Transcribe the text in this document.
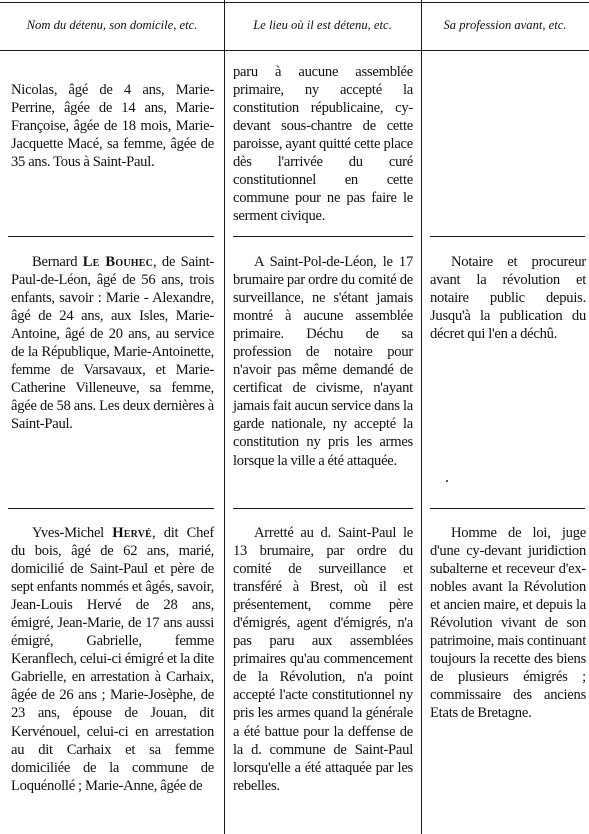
Nom du détenu, son domicile, etc.	Le lieu où il est détenu, etc.	Sa profession avant, etc.
Nicolas, âgé de 4 ans, Marie-Perrine, âgée de 14 ans, Marie-Françoise, âgée de 18 mois, Marie-Jacquette Macé, sa femme, âgée de 35 ans. Tous à Saint-Paul.
paru à aucune assemblée primaire, ny accepté la constitution républicaine, cy-devant sous-chantre de cette paroisse, ayant quitté cette place dès l'arrivée du curé constitutionnel en cette commune pour ne pas faire le serment civique.
Bernard Le Bouhec, de Saint-Paul-de-Léon, âgé de 56 ans, trois enfants, savoir : Marie - Alexandre, âgé de 24 ans, aux Isles, Marie-Antoine, âgé de 20 ans, au service de la République, Marie-Antoinette, femme de Varsavaux, et Marie-Catherine Villeneuve, sa femme, âgée de 58 ans. Les deux dernières à Saint-Paul.
A Saint-Pol-de-Léon, le 17 brumaire par ordre du comité de surveillance, ne s'étant jamais montré à aucune assemblée primaire. Déchu de sa profession de notaire pour n'avoir pas même demandé de certificat de civisme, n'ayant jamais fait aucun service dans la garde nationale, ny accepté la constitution ny pris les armes lorsque la ville a été attaquée.
Notaire et procureur avant la révolution et notaire public depuis. Jusqu'à la publication du décret qui l'en a déchû.
Yves-Michel Hervé, dit Chef du bois, âgé de 62 ans, marié, domicilié de Saint-Paul et père de sept enfants nommés et âgés, savoir, Jean-Louis Hervé de 28 ans, émigré, Jean-Marie, de 17 ans aussi émigré, Gabrielle, femme Keranflech, celui-ci émigré et la dite Gabrielle, en arrestation à Carhaix, âgée de 26 ans ; Marie-Josèphe, de 23 ans, épouse de Jouan, dit Kervénouel, celui-ci en arrestation au dit Carhaix et sa femme domiciliée de la commune de Loquénollé ; Marie-Anne, âgée de
Arretté au d. Saint-Paul le 13 brumaire, par ordre du comité de surveillance et transféré à Brest, où il est présentement, comme père d'émigrés, agent d'émigrés, n'a pas paru aux assemblées primaires qu'au commencement de la Révolution, n'a point accepté l'acte constitutionnel ny pris les armes quand la générale a été battue pour la deffense de la d. commune de Saint-Paul lorsqu'elle a été attaquée par les rebelles.
Homme de loi, juge d'une cy-devant juridiction subalterne et receveur d'ex-nobles avant la Révolution et ancien maire, et depuis la Révolution vivant de son patrimoine, mais continuant toujours la recette des biens de plusieurs émigrés ; commissaire des anciens Etats de Bretagne.
